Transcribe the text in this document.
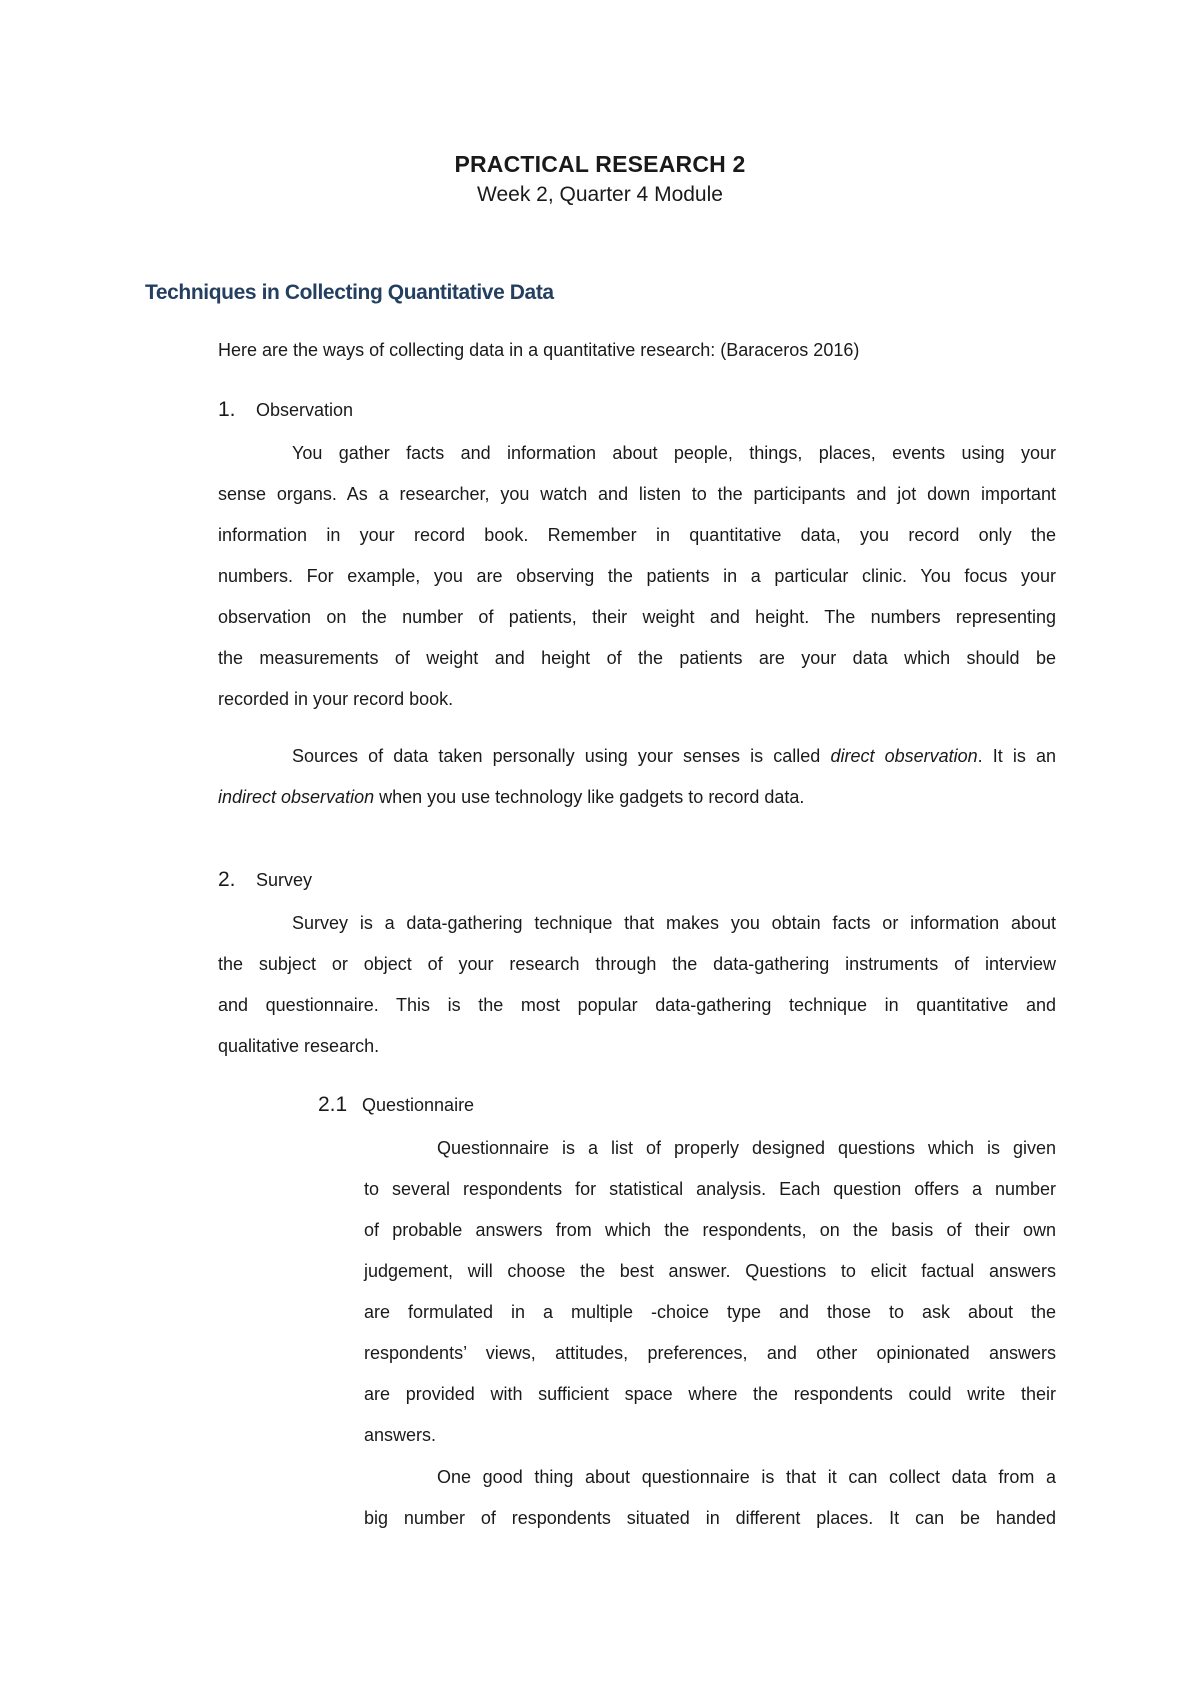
PRACTICAL RESEARCH 2
Week 2, Quarter 4 Module
Techniques in Collecting Quantitative Data
Here are the ways of collecting data in a quantitative research: (Baraceros 2016)
1. Observation
You gather facts and information about people, things, places, events using your
sense organs. As a researcher, you watch and listen to the participants and jot down important
information in your record book. Remember in quantitative data, you record only the
numbers. For example, you are observing the patients in a particular clinic. You focus your
observation on the number of patients, their weight and height. The numbers representing
the measurements of weight and height of the patients are your data which should be
recorded in your record book.
Sources of data taken personally using your senses is called direct observation. It is an
indirect observation when you use technology like gadgets to record data.
2. Survey
Survey is a data-gathering technique that makes you obtain facts or information about
the subject or object of your research through the data-gathering instruments of interview
and questionnaire. This is the most popular data-gathering technique in quantitative and
qualitative research.
2.1 Questionnaire
Questionnaire is a list of properly designed questions which is given
to several respondents for statistical analysis. Each question offers a number
of probable answers from which the respondents, on the basis of their own
judgement, will choose the best answer. Questions to elicit factual answers
are formulated in a multiple -choice type and those to ask about the
respondents’ views, attitudes, preferences, and other opinionated answers
are provided with sufficient space where the respondents could write their
answers.
One good thing about questionnaire is that it can collect data from a
big number of respondents situated in different places. It can be handed
